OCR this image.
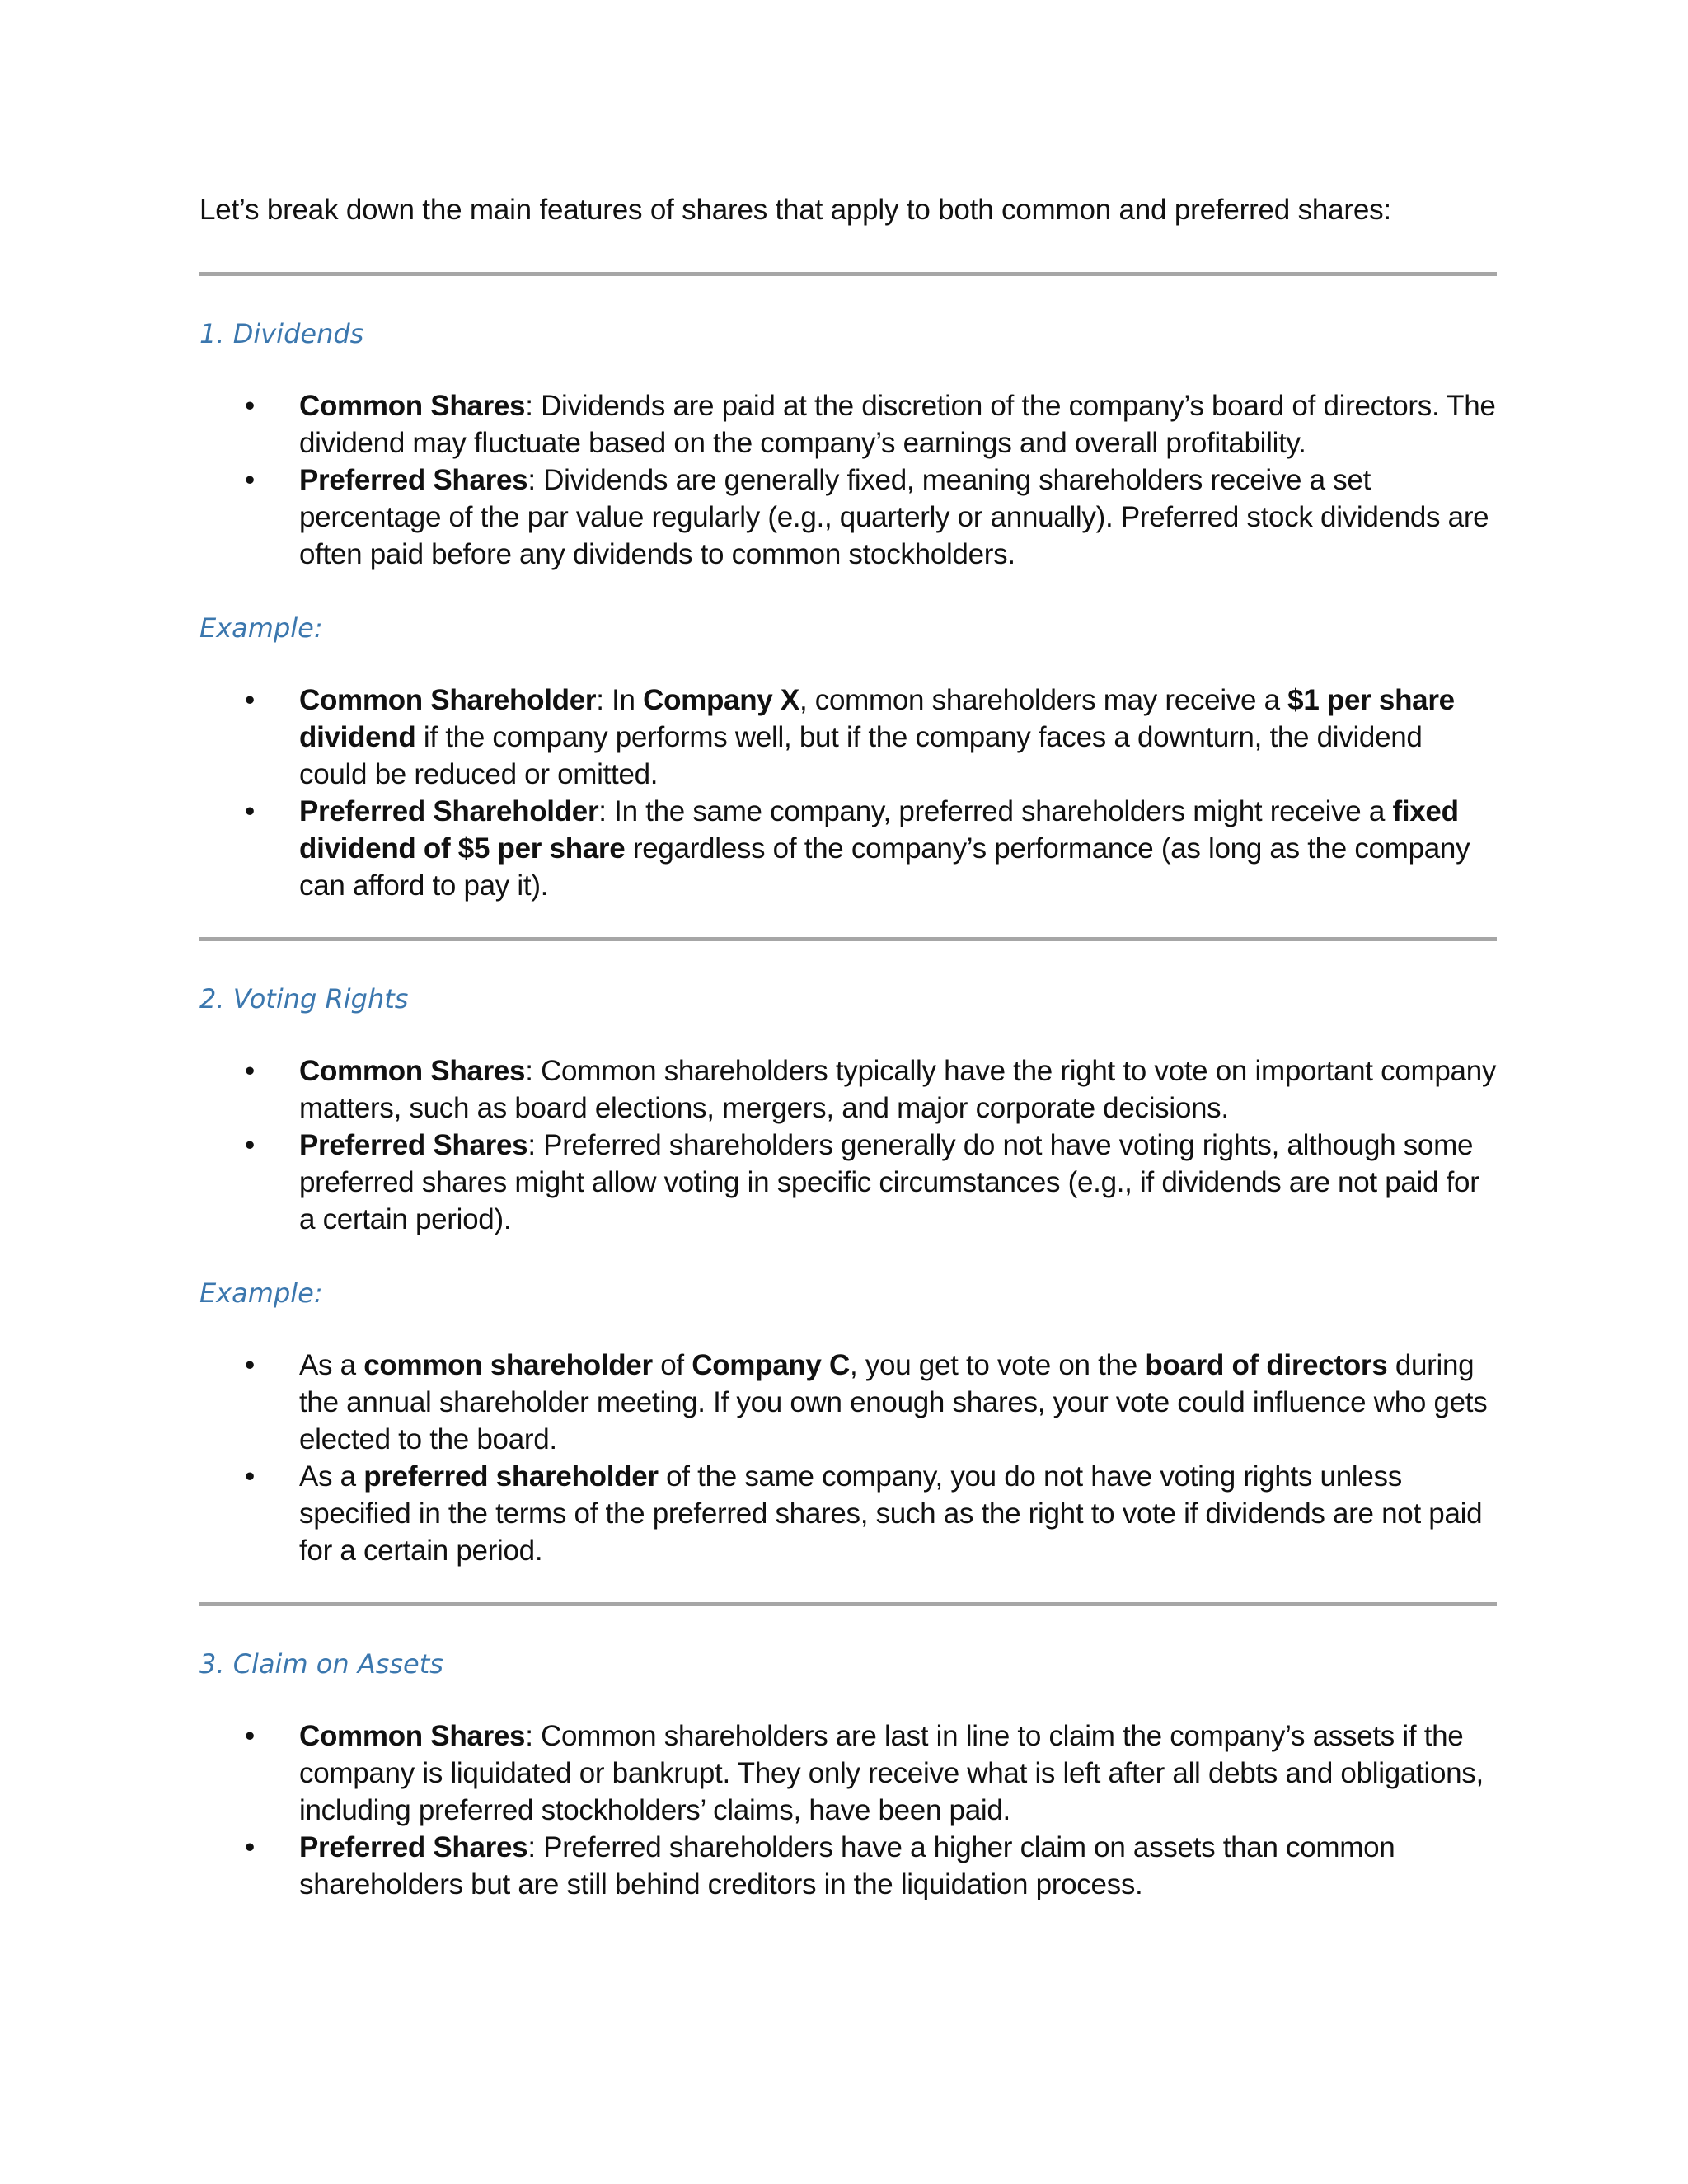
Let’s break down the main features of shares that apply to both common and preferred shares:

1. Dividends
• Common Shares: Dividends are paid at the discretion of the company’s board of directors. The dividend may fluctuate based on the company’s earnings and overall profitability.
• Preferred Shares: Dividends are generally fixed, meaning shareholders receive a set percentage of the par value regularly (e.g., quarterly or annually). Preferred stock dividends are often paid before any dividends to common stockholders.
Example:
• Common Shareholder: In Company X, common shareholders may receive a $1 per share dividend if the company performs well, but if the company faces a downturn, the dividend could be reduced or omitted.
• Preferred Shareholder: In the same company, preferred shareholders might receive a fixed dividend of $5 per share regardless of the company’s performance (as long as the company can afford to pay it).
2. Voting Rights
• Common Shares: Common shareholders typically have the right to vote on important company matters, such as board elections, mergers, and major corporate decisions.
• Preferred Shares: Preferred shareholders generally do not have voting rights, although some preferred shares might allow voting in specific circumstances (e.g., if dividends are not paid for a certain period).
Example:
• As a common shareholder of Company C, you get to vote on the board of directors during the annual shareholder meeting. If you own enough shares, your vote could influence who gets elected to the board.
• As a preferred shareholder of the same company, you do not have voting rights unless specified in the terms of the preferred shares, such as the right to vote if dividends are not paid for a certain period.
3. Claim on Assets
• Common Shares: Common shareholders are last in line to claim the company’s assets if the company is liquidated or bankrupt. They only receive what is left after all debts and obligations, including preferred stockholders’ claims, have been paid.
• Preferred Shares: Preferred shareholders have a higher claim on assets than common shareholders but are still behind creditors in the liquidation process.
